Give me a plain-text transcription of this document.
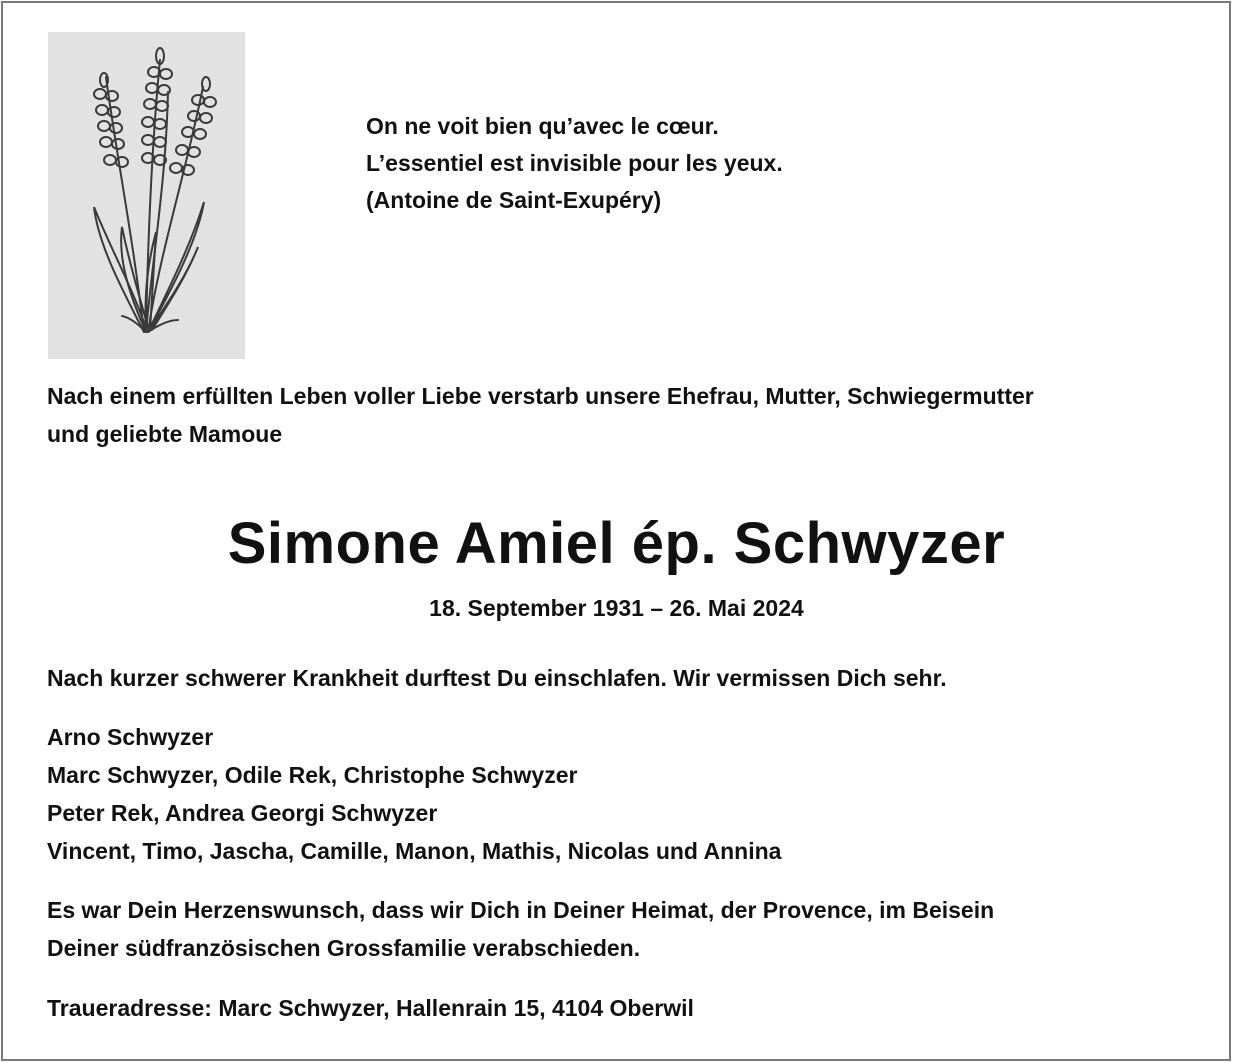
On ne voit bien qu’avec le cœur.
L’essentiel est invisible pour les yeux.
(Antoine de Saint-Exupéry)
Nach einem erfüllten Leben voller Liebe verstarb unsere Ehefrau, Mutter, Schwiegermutter
und geliebte Mamoue
Simone Amiel ép. Schwyzer
18. September 1931 – 26. Mai 2024
Nach kurzer schwerer Krankheit durftest Du einschlafen. Wir vermissen Dich sehr.
Arno Schwyzer
Marc Schwyzer, Odile Rek, Christophe Schwyzer
Peter Rek, Andrea Georgi Schwyzer
Vincent, Timo, Jascha, Camille, Manon, Mathis, Nicolas und Annina
Es war Dein Herzenswunsch, dass wir Dich in Deiner Heimat, der Provence, im Beisein
Deiner südfranzösischen Grossfamilie verabschieden.
Traueradresse: Marc Schwyzer, Hallenrain 15, 4104 Oberwil
